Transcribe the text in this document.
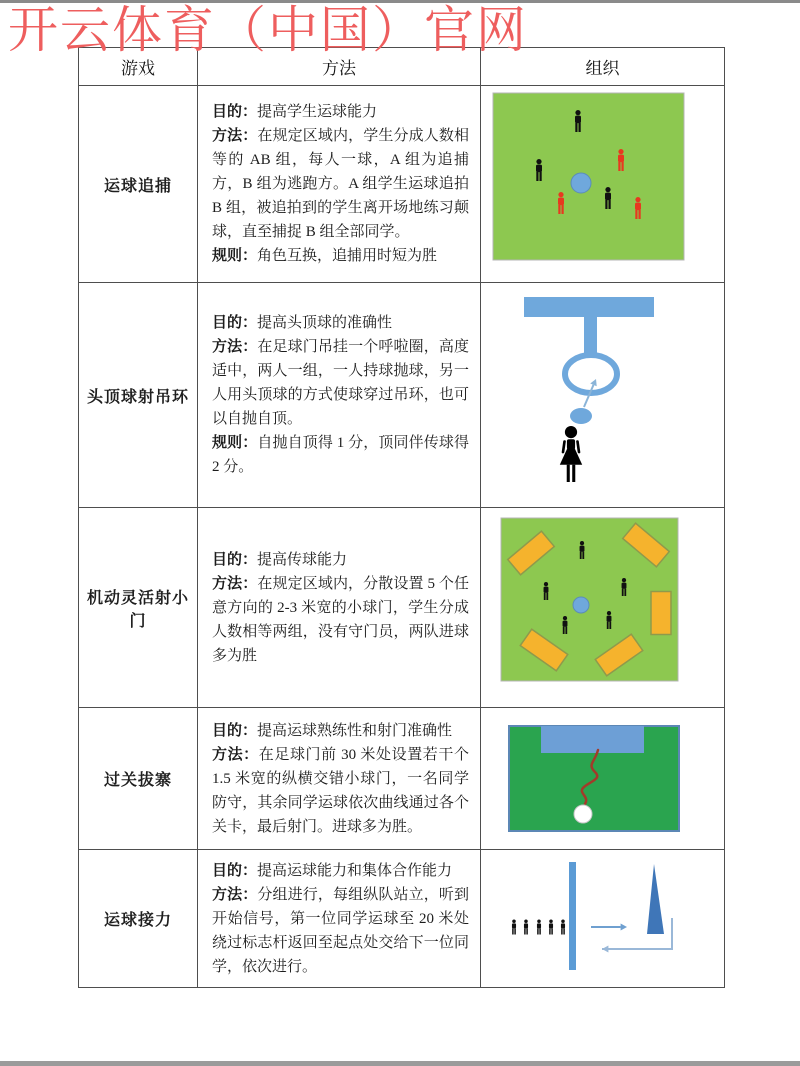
开云体育（中国）官网
游戏	方法	组织
运球追捕	目的：提高学生运球能力
方法：在规定区域内，学生分成人数相等的 AB 组，每人一球，A 组为追捕方，B 组为逃跑方。A 组学生运球追拍 B 组，被追拍到的学生离开场地练习颠球，直至捕捉 B 组全部同学。
规则：角色互换，追捕用时短为胜

头顶球射吊环	目的：提高头顶球的准确性
方法：在足球门吊挂一个呼啦圈，高度适中，两人一组，一人持球抛球，另一人用头顶球的方式使球穿过吊环，也可以自抛自顶。
规则：自抛自顶得 1 分，顶同伴传球得 2 分。

机动灵活射小门	目的：提高传球能力
方法：在规定区域内，分散设置 5 个任意方向的 2-3 米宽的小球门，学生分成人数相等两组，没有守门员，两队进球多为胜

过关拔寨	目的：提高运球熟练性和射门准确性
方法：在足球门前 30 米处设置若干个 1.5 米宽的纵横交错小球门，一名同学防守，其余同学运球依次曲线通过各个关卡，最后射门。进球多为胜。

运球接力	目的：提高运球能力和集体合作能力
方法：分组进行，每组纵队站立，听到开始信号，第一位同学运球至 20 米处绕过标志杆返回至起点处交给下一位同学，依次进行。
